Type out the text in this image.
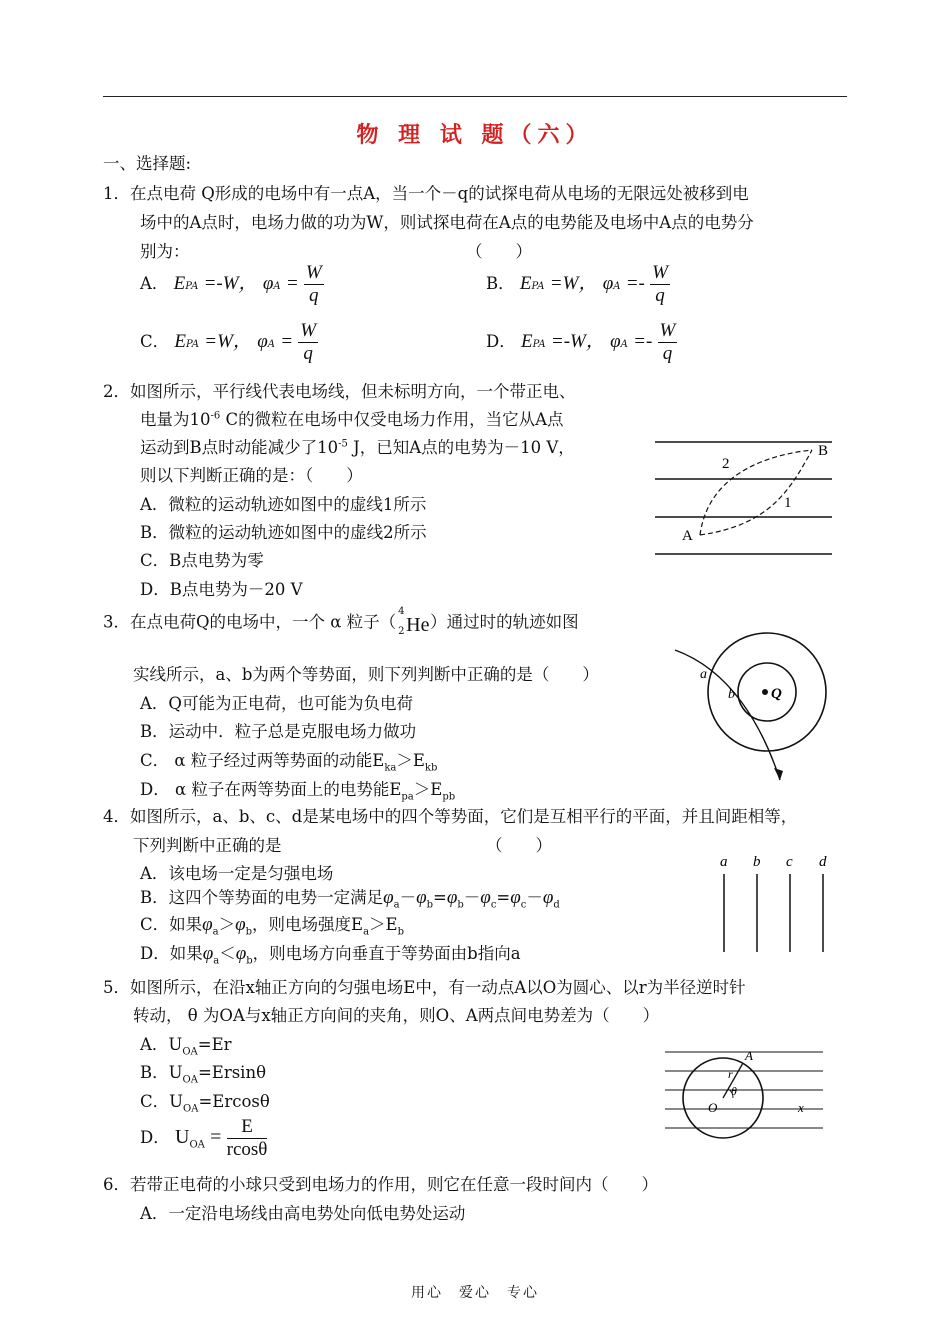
物 理 试 题（六）
一、选择题:
1．在点电荷 Q形成的电场中有一点A，当一个－q的试探电荷从电场的无限远处被移到电
场中的A点时，电场力做的功为W，则试探电荷在A点的电势能及电场中A点的电势分
别为：	（　　）
A． EPA =-W， $\varphi A = \frac{W}{q}$	B． EPA =W， $\varphi A =- \frac{W}{q}$
C． EPA =W， $\varphi A = \frac{W}{q}$	D． EPA =-W， $\varphi A =- \frac{W}{q}$
2．如图所示，平行线代表电场线，但未标明方向，一个带正电、
电量为$10^{-6}$ C的微粒在电场中仅受电场力作用，当它从A点
运动到B点时动能减少了$10^{-5}$ J，已知A点的电势为－10 V，
则以下判断正确的是：（　　）
A．微粒的运动轨迹如图中的虚线1所示
B．微粒的运动轨迹如图中的虚线2所示
C．B点电势为零
D．B点电势为－20 V
B
A
1
2
3．在点电荷Q的电场中，一个 α 粒子（
4
2 He ）通过时的轨迹如图
实线所示，a、b为两个等势面，则下列判断中正确的是（　　）
A．Q可能为正电荷，也可能为负电荷
B．运动中．粒子总是克服电场力做功
C． α 粒子经过两等势面的动能$E_{ka}>E_{kb}$
D． α 粒子在两等势面上的电势能$E_{pa}>E_{pb}$
a
b Q
4．如图所示，a、b、c、d是某电场中的四个等势面，它们是互相平行的平面，并且间距相等，
下列判断中正确的是	（　　）
A．该电场一定是匀强电场
B．这四个等势面的电势一定满足$\varphi_a-\varphi_b=\varphi_b-\varphi_c=\varphi_c-\varphi_d$
C．如果$\varphi_a>\varphi_b$，则电场强度$E_a>E_b$
D．如果$\varphi_a<\varphi_b$，则电场方向垂直于等势面由b指向a
a b c d
5．如图所示，在沿x轴正方向的匀强电场E中，有一动点A以O为圆心、以r为半径逆时针
转动， θ 为OA与x轴正方向间的夹角，则O、A两点间电势差为（　　）
A．$U_{OA}=Er$
B．$U_{OA}=Ersin\theta$
C．$U_{OA}=Ercos\theta$
D． $U_{OA} = \frac{E}{rcos\theta}$
A
r
θ
O	x
6．若带正电荷的小球只受到电场力的作用，则它在任意一段时间内（　　）
A．一定沿电场线由高电势处向低电势处运动
用心　爱心　专心
